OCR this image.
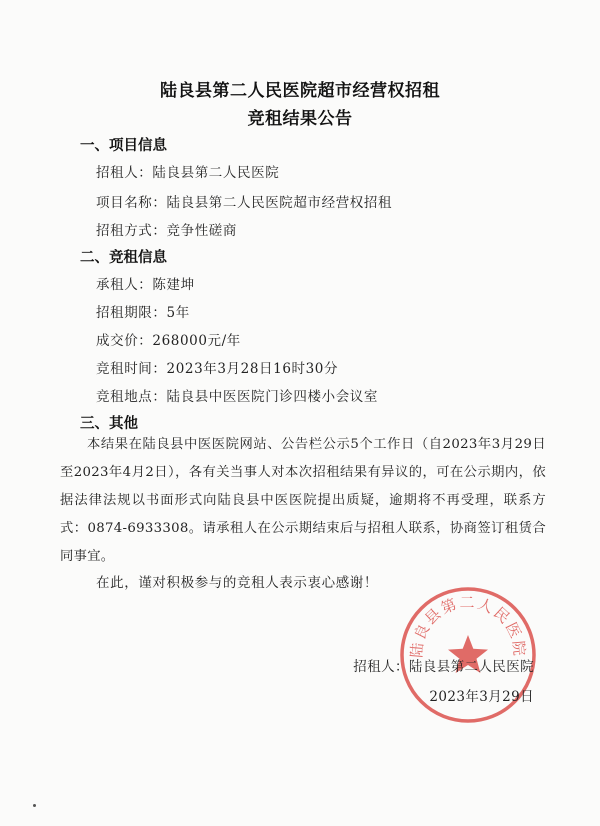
陆良县第二人民医院超市经营权招租
竞租结果公告
一、项目信息
招租人：陆良县第二人民医院
项目名称：陆良县第二人民医院超市经营权招租
招租方式：竞争性磋商
二、竞租信息
承租人：陈建坤
招租期限：5年
成交价：268000元/年
竞租时间：2023年3月28日16时30分
竞租地点：陆良县中医医院门诊四楼小会议室
三、其他
本结果在陆良县中医医院网站、公告栏公示5个工作日（自2023年3月29日至2023年4月2日），各有关当事人对本次招租结果有异议的，可在公示期内，依据法律法规以书面形式向陆良县中医医院提出质疑，逾期将不再受理，联系方式：0874-6933308。请承租人在公示期结束后与招租人联系，协商签订租赁合同事宜。
在此，谨对积极参与的竞租人表示衷心感谢！
陆良县第二人民医院
招租人：陆良县第二人民医院
2023年3月29日
